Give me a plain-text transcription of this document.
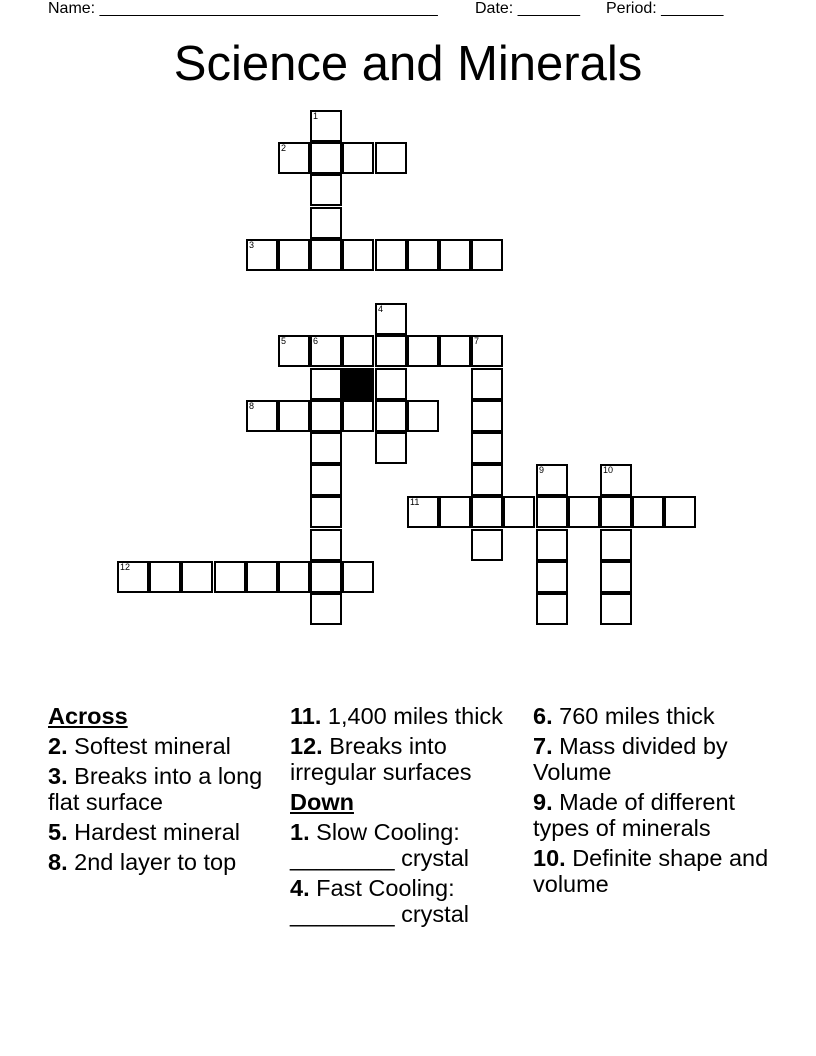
Name: ______________________________________ Date: _______ Period: _______
Science and Minerals
1
2
3
4
5	6	7
8
9	10
11
12
Across
2. Softest mineral
3. Breaks into a long flat surface
5. Hardest mineral
8. 2nd layer to top
11. 1,400 miles thick
12. Breaks into irregular surfaces
Down
1. Slow Cooling: ________ crystal
4. Fast Cooling: ________ crystal
6. 760 miles thick
7. Mass divided by Volume
9. Made of different types of minerals
10. Definite shape and volume
